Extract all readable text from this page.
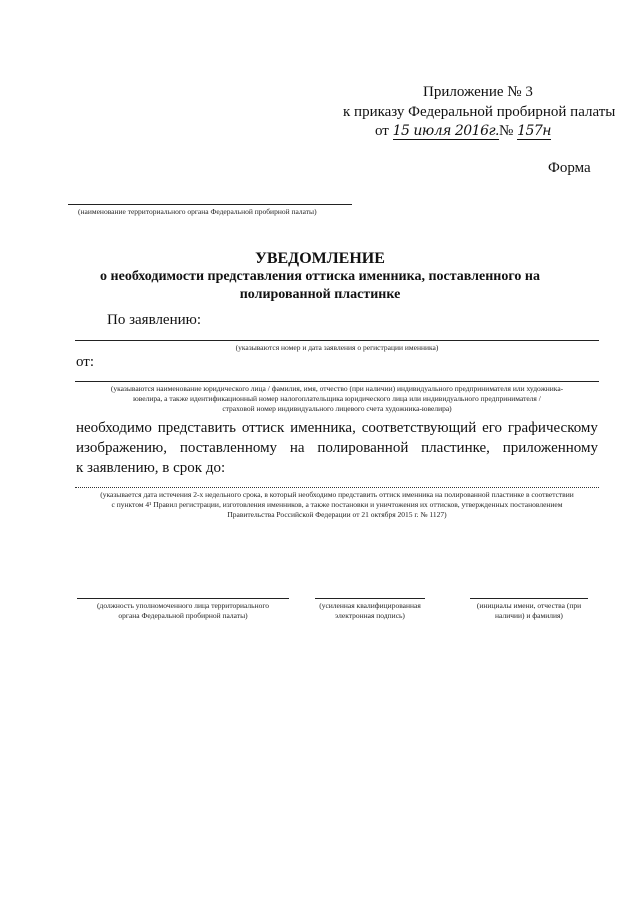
Приложение № 3
к приказу Федеральной пробирной палаты
от 15 июля 2016г.№ 157н
Форма
(наименование территориального органа Федеральной пробирной палаты)
УВЕДОМЛЕНИЕ
о необходимости представления оттиска именника, поставленного на
полированной пластинке
По заявлению:
(указываются номер и дата заявления о регистрации именника)
от:
(указываются наименование юридического лица / фамилия, имя, отчество (при наличии) индивидуального предпринимателя или художника-
ювелира, а также идентификационный номер налогоплательщика юридического лица или индивидуального предпринимателя /
страховой номер индивидуального лицевого счета художника-ювелира)
необходимо представить оттиск именника, соответствующий его графическому
изображению, поставленному на полированной пластинке, приложенному
к заявлению, в срок до:
(указывается дата истечения 2-х недельного срока, в который необходимо представить оттиск именника на полированной пластинке в соответствии
с пунктом 4¹ Правил регистрации, изготовления именников, а также постановки и уничтожения их оттисков, утвержденных постановлением
Правительства Российской Федерации от 21 октября 2015 г. № 1127)
(должность уполномоченного лица территориального
органа Федеральной пробирной палаты)
(усиленная квалифицированная
электронная подпись)
(инициалы имени, отчества (при
наличии) и фамилия)
